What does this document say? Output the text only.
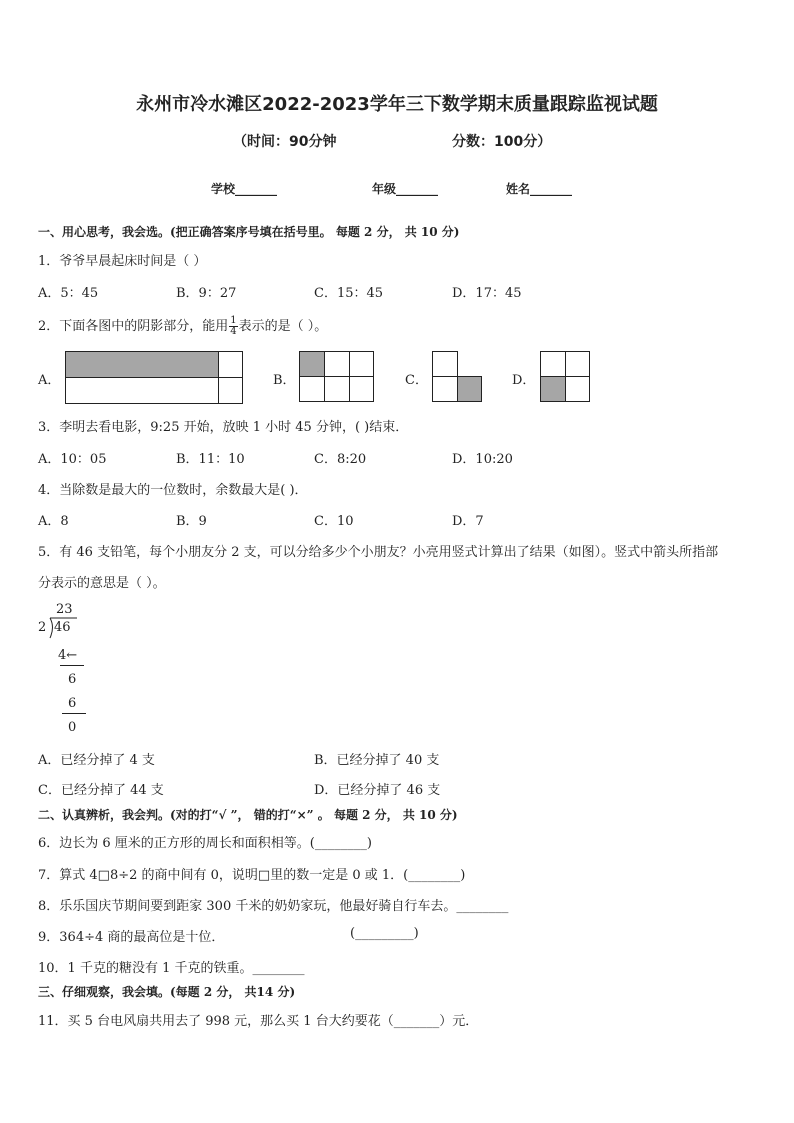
永州市冷水滩区2022-2023学年三下数学期末质量跟踪监视试题
（时间：90分钟	分数：100分）
学校_______	年级_______	姓名_______
一、用心思考，我会选。(把正确答案序号填在括号里。 每题 2 分， 共 10 分)
1．爷爷早晨起床时间是（ ）
A．5：45	B．9：27	C．15：45	D．17：45
2．下面各图中的阴影部分，能用 $\frac{1}{4}$ 表示的是（ ）。
A．	B．	C．	D．
3．李明去看电影，9:25 开始，放映 1 小时 45 分钟，( )结束．
A．10：05	B．11：10	C．8:20	D．10:20
4．当除数是最大的一位数时，余数最大是( )．
A．8	B．9	C．10	D．7
5．有 46 支铅笔，每个小朋友分 2 支，可以分给多少个小朋友？小亮用竖式计算出了结果（如图）。竖式中箭头所指部
分表示的意思是（ ）。
23
2 46
4←
6
6
0
A．已经分掉了 4 支	B．已经分掉了 40 支
C．已经分掉了 44 支	D．已经分掉了 46 支
二、认真辨析，我会判。(对的打“√ ”， 错的打“×” 。 每题 2 分， 共 10 分)
6．边长为 6 厘米的正方形的周长和面积相等。(________)
7．算式 4□8÷2 的商中间有 0，说明□里的数一定是 0 或 1．(________)
8．乐乐国庆节期间要到距家 300 千米的奶奶家玩，他最好骑自行车去。________
9．364÷4 商的最高位是十位．	(_________)
10．1 千克的糖没有 1 千克的铁重。________
三、仔细观察，我会填。(每题 2 分， 共14 分)
11．买 5 台电风扇共用去了 998 元，那么买 1 台大约要花（_______）元．
